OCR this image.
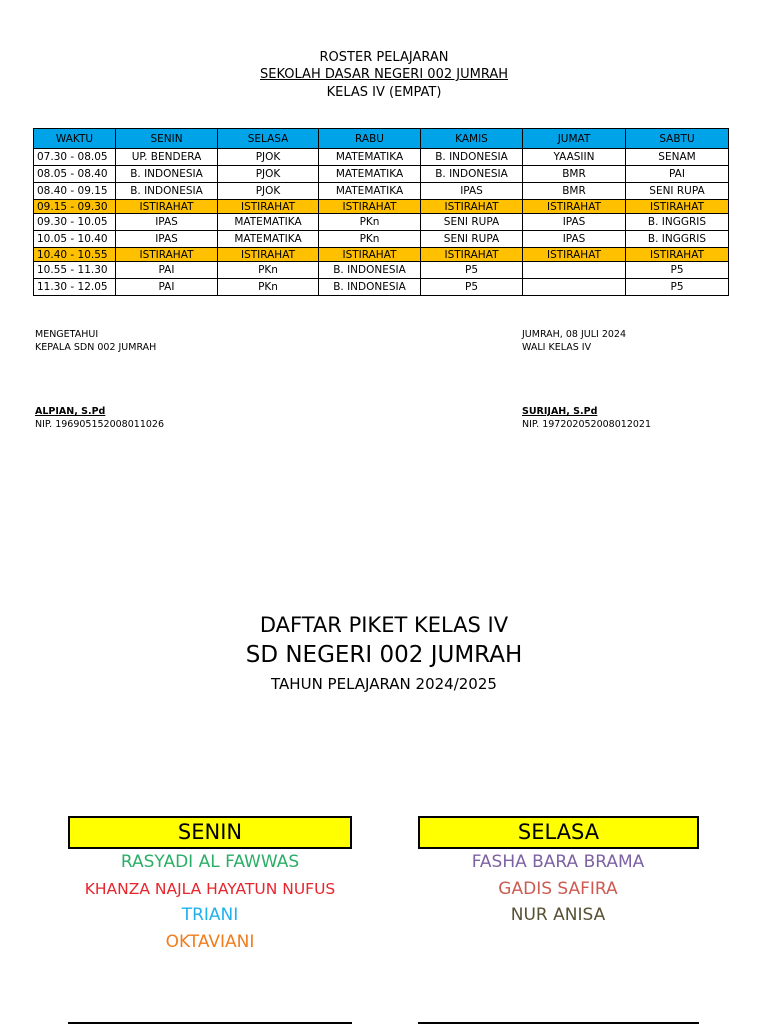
ROSTER PELAJARAN
SEKOLAH DASAR NEGERI 002 JUMRAH
KELAS IV (EMPAT)
WAKTU	SENIN	SELASA	RABU	KAMIS	JUMAT	SABTU
07.30 - 08.05	UP. BENDERA	PJOK	MATEMATIKA	B. INDONESIA	YAASIIN	SENAM
08.05 - 08.40	B. INDONESIA	PJOK	MATEMATIKA	B. INDONESIA	BMR	PAI
08.40 - 09.15	B. INDONESIA	PJOK	MATEMATIKA	IPAS	BMR	SENI RUPA
09.15 - 09.30	ISTIRAHAT	ISTIRAHAT	ISTIRAHAT	ISTIRAHAT	ISTIRAHAT	ISTIRAHAT
09.30 - 10.05	IPAS	MATEMATIKA	PKn	SENI RUPA	IPAS	B. INGGRIS
10.05 - 10.40	IPAS	MATEMATIKA	PKn	SENI RUPA	IPAS	B. INGGRIS
10.40 - 10.55	ISTIRAHAT	ISTIRAHAT	ISTIRAHAT	ISTIRAHAT	ISTIRAHAT	ISTIRAHAT
10.55 - 11.30	PAI	PKn	B. INDONESIA	P5		P5
11.30 - 12.05	PAI	PKn	B. INDONESIA	P5		P5
MENGETAHUI
KEPALA SDN 002 JUMRAH
ALPIAN, S.Pd
NIP. 196905152008011026
JUMRAH, 08 JULI 2024
WALI KELAS IV
SURIJAH, S.Pd
NIP. 197202052008012021
DAFTAR PIKET KELAS IV
SD NEGERI 002 JUMRAH
TAHUN PELAJARAN 2024/2025
SENIN
RASYADI AL FAWWAS
KHANZA NAJLA HAYATUN NUFUS
TRIANI
OKTAVIANI
SELASA
FASHA BARA BRAMA
GADIS SAFIRA
NUR ANISA
